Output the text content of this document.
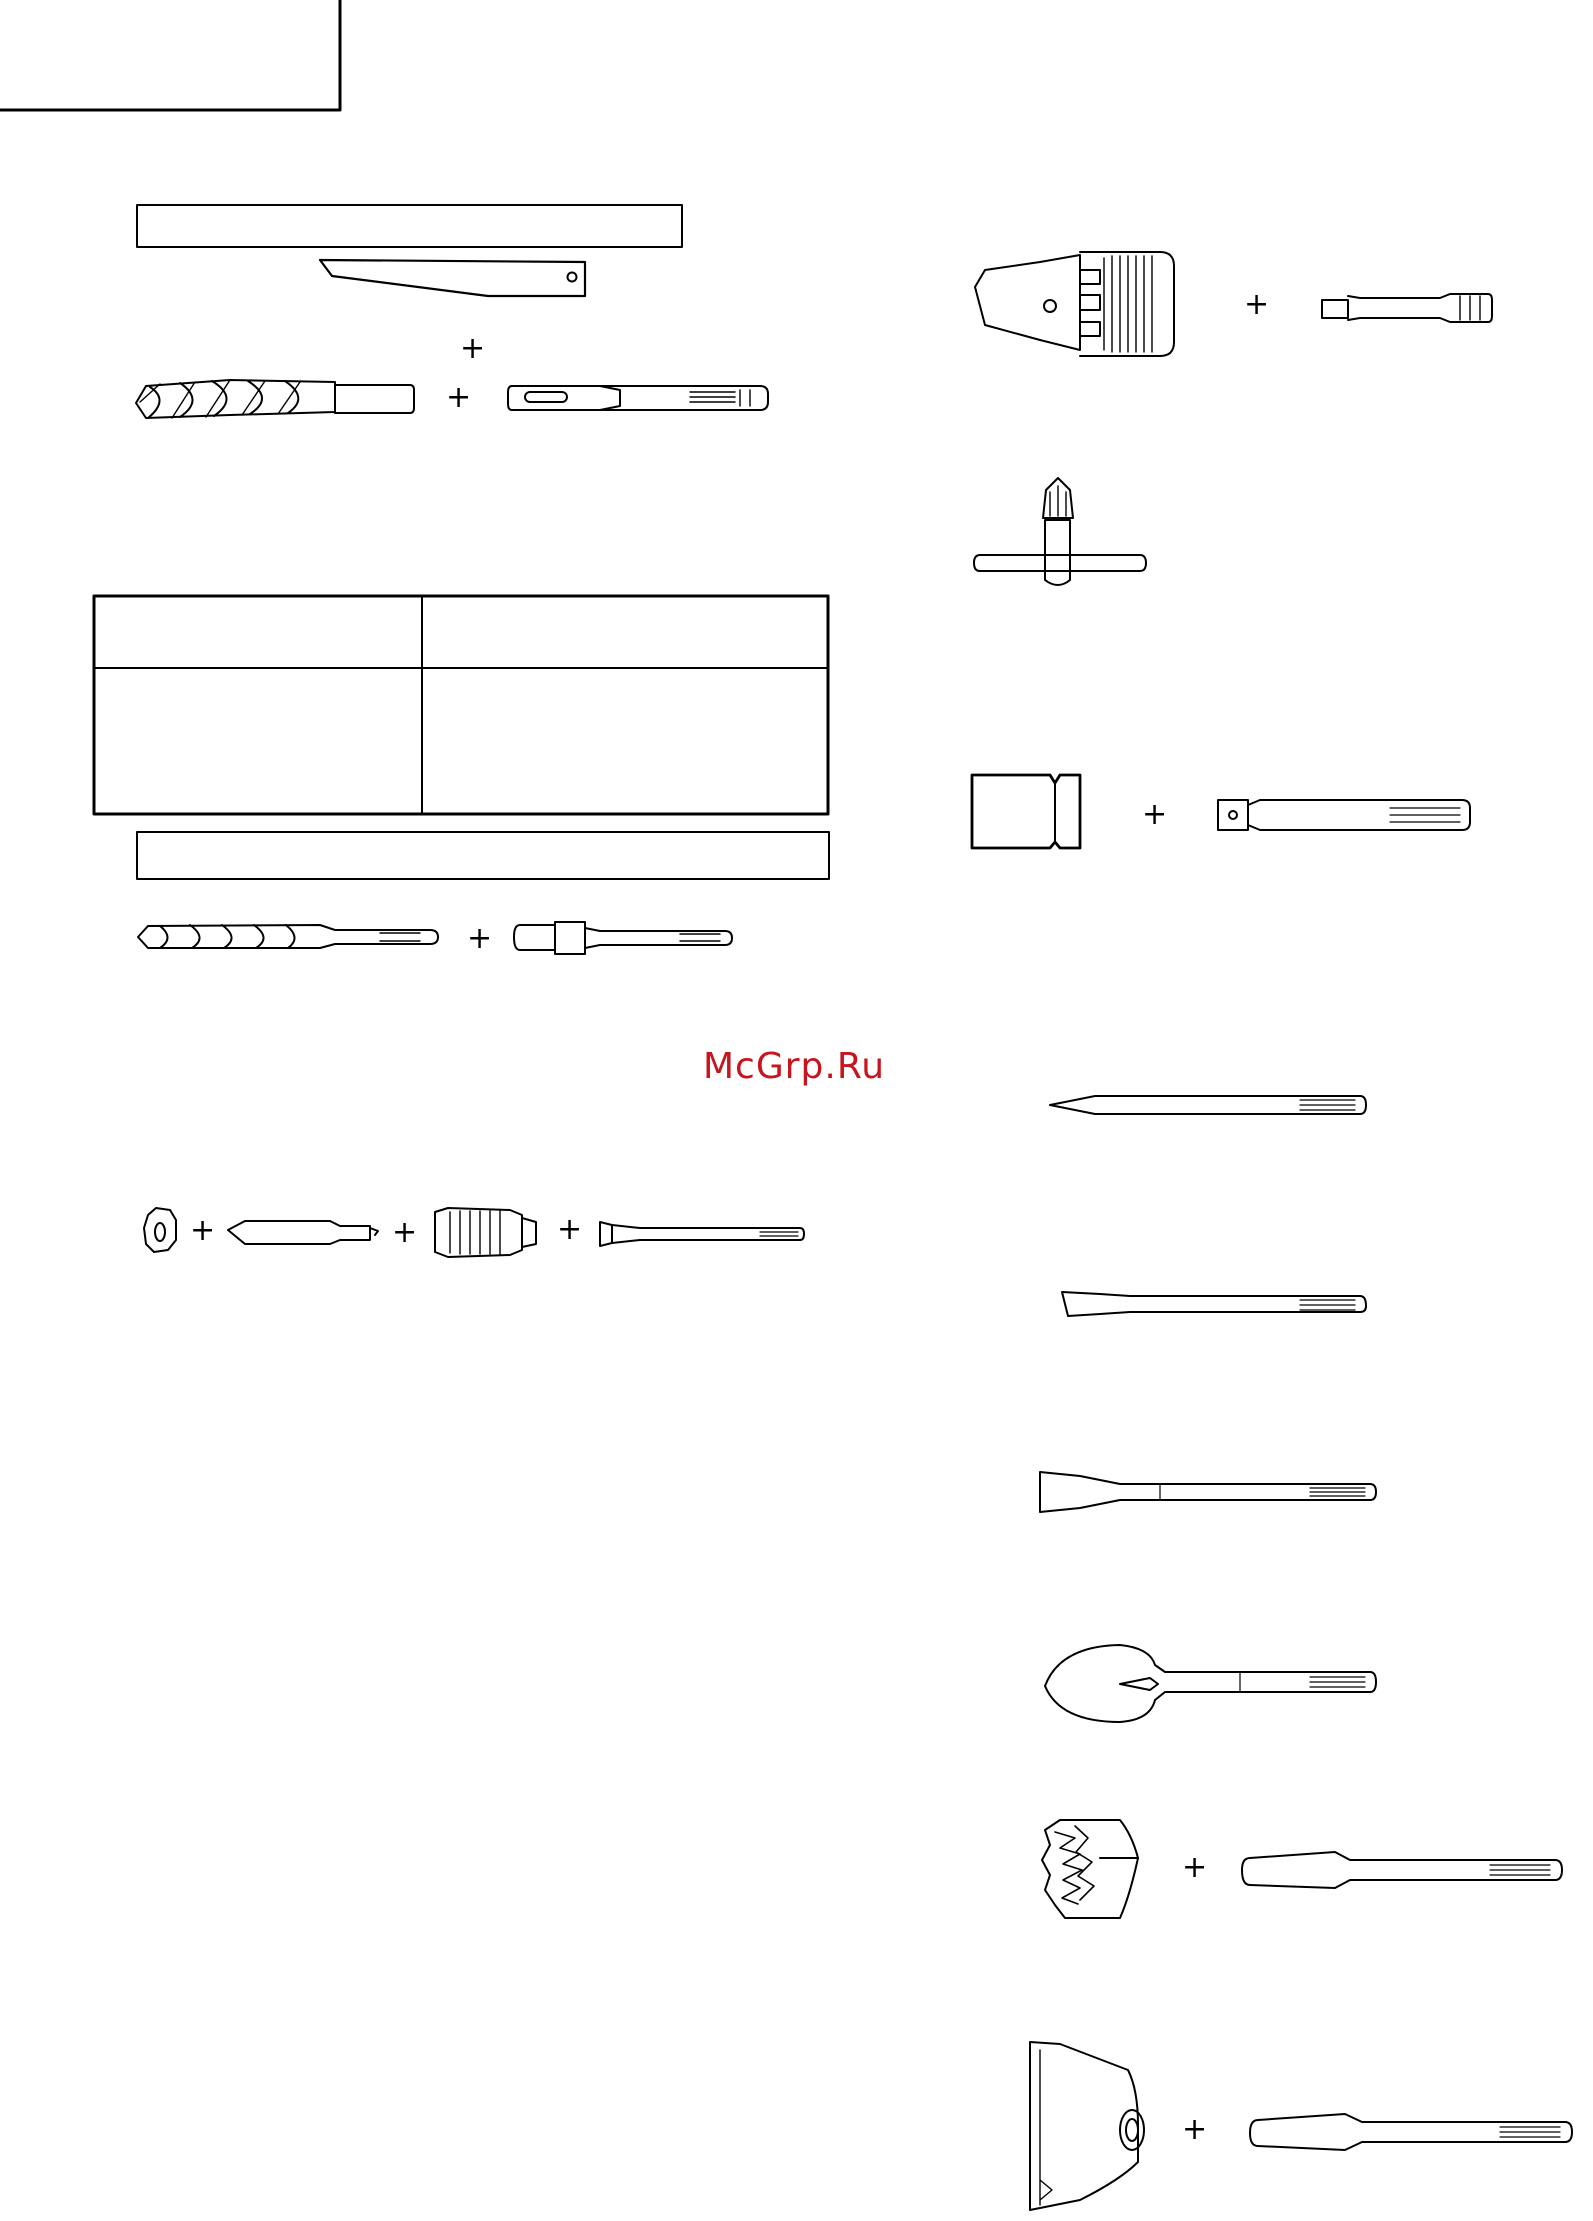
+
+
+
+	+	+
+
+
+
+
McGrp.Ru
